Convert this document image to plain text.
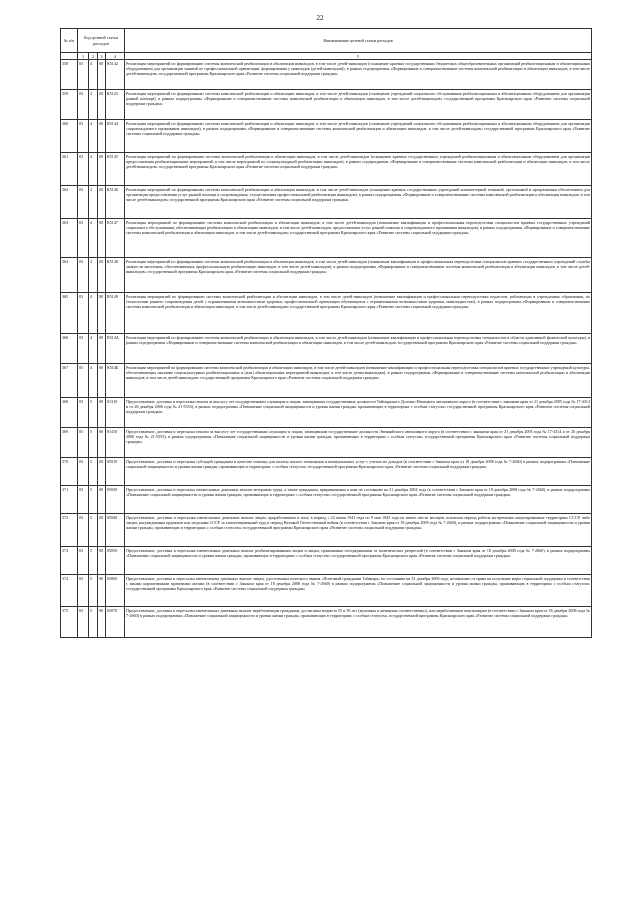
22
№ п/п	Код целевой статьи расходов				Наименование целевой статьи расходов
	1	2	3	4	5
358	03	4	00	R5142	Реализация мероприятий по формированию системы комплексной реабилитации и абилитации инвалидов, в том числе детей-инвалидов (оснащение краевых государственных бюджетных общеобразовательных организаций реабилитационным и абилитационным оборудованием для организации занятий по профессиональной ориентации, формирования у инвалидов (детей-инвалидов)), в рамках подпрограммы «Формирование и совершенствование системы комплексной реабилитации и абилитации инвалидов, в том числе детей-инвалидов» государственной программы Красноярского края «Развитие системы социальной поддержки граждан»
359	03	4	00	R5143	Реализация мероприятий по формированию системы комплексной реабилитации и абилитации инвалидов, в том числе детей-инвалидов (оснащение учреждений социального обслуживания реабилитационным и абилитационным оборудованием для организации ранней помощи), в рамках подпрограммы «Формирование и совершенствование системы комплексной реабилитации и абилитации инвалидов, в том числе детей-инвалидов» государственной программы Красноярского края «Развитие системы социальной поддержки граждан»
360	03	4	00	R5144	Реализация мероприятий по формированию системы комплексной реабилитации и абилитации инвалидов, в том числе детей-инвалидов (оснащение учреждений социального обслуживания реабилитационным и абилитационным оборудованием для организации сопровождаемого проживания инвалидов), в рамках подпрограммы «Формирование и совершенствование системы комплексной реабилитации и абилитации инвалидов, в том числе детей-инвалидов» государственной программы Красноярского края «Развитие системы социальной поддержки граждан»
361	03	4	00	R5145	Реализация мероприятий по формированию системы комплексной реабилитации и абилитации инвалидов, в том числе детей-инвалидов (оснащение краевых государственных учреждений реабилитационным и абилитационным оборудованием для организации предоставления реабилитационных мероприятий, в том числе мероприятий по социокультурной реабилитации инвалидов), в рамках подпрограммы «Формирование и совершенствование системы комплексной реабилитации и абилитации инвалидов, в том числе детей-инвалидов» государственной программы Красноярского края «Развитие системы социальной поддержки граждан»
362	03	4	00	R5146	Реализация мероприятий по формированию системы комплексной реабилитации и абилитации инвалидов, в том числе детей-инвалидов (оснащение краевых государственных учреждений компьютерной техникой, оргтехникой и программным обеспечением для организации предоставления услуг ранней помощи и сопровождения, осуществления профессиональной реабилитации инвалидов), в рамках подпрограммы «Формирование и совершенствование системы комплексной реабилитации и абилитации инвалидов, в том числе детей-инвалидов» государственной программы Красноярского края «Развитие системы социальной поддержки граждан»
363	03	4	00	R5147	Реализация мероприятий по формированию системы комплексной реабилитации и абилитации инвалидов, в том числе детей-инвалидов (повышение квалификации и профессиональная переподготовка специалистов краевых государственных учреждений социального обслуживания, обеспечивающих реабилитацию и абилитацию инвалидов, в том числе детей-инвалидов, предоставление услуг ранней помощи и сопровождаемого проживания инвалидов), в рамках подпрограммы «Формирование и совершенствование системы комплексной реабилитации и абилитации инвалидов, в том числе детей-инвалидов» государственной программы Красноярского края «Развитие системы социальной поддержки граждан»
364	03	4	00	R5148	Реализация мероприятий по формированию системы комплексной реабилитации и абилитации инвалидов, в том числе детей-инвалидов (повышение квалификации и профессиональная переподготовка специалистов краевых государственных учреждений службы занятости населения, обеспечивающих профессиональную реабилитацию инвалидов, в том числе детей-инвалидов), в рамках подпрограммы «Формирование и совершенствование системы комплексной реабилитации и абилитации инвалидов, в том числе детей-инвалидов» государственной программы Красноярского края «Развитие системы социальной поддержки граждан»
365	03	4	00	R5149	Реализация мероприятий по формированию системы комплексной реабилитации и абилитации инвалидов, в том числе детей-инвалидов (повышение квалификации и профессиональная переподготовка педагогов, работающих в учреждениях образования, по технологиям раннего сопровождения детей с ограниченными возможностями здоровья, профессиональной ориентации обучающихся с ограниченными возможностями здоровья, инвалидностью), в рамках подпрограммы «Формирование и совершенствование системы комплексной реабилитации и абилитации инвалидов, в том числе детей-инвалидов» государственной программы Красноярского края «Развитие системы социальной поддержки граждан»
366	03	4	00	R514А	Реализация мероприятий по формированию системы комплексной реабилитации и абилитации инвалидов, в том числе детей-инвалидов (повышение квалификации и профессиональная переподготовка специалистов в области адаптивной физической культуры), в рамках подпрограммы «Формирование и совершенствование системы комплексной реабилитации и абилитации инвалидов, в том числе детей-инвалидов» государственной программы Красноярского края «Развитие системы социальной поддержки граждан»
367	03	4	00	R514Б	Реализация мероприятий по формированию системы комплексной реабилитации и абилитации инвалидов, в том числе детей-инвалидов (повышение квалификации и профессиональная переподготовка специалистов краевых государственных учреждений культуры, обеспечивающих оказание социокультурных реабилитационных и (или) абилитационных мероприятий инвалидам, в том числе детям-инвалидам), в рамках подпрограммы «Формирование и совершенствование системы комплексной реабилитации и абилитации инвалидов, в том числе детей-инвалидов» государственной программы Красноярского края «Развитие системы социальной поддержки граждан»
368	03	5	00	01310	Предоставление, доставка и пересылка пенсии за выслугу лет государственным служащим и лицам, замещавшим государственные должности Таймырского Долгано-Ненецкого автономного округа (в соответствии с законами края от 21 декабря 2005 года № 17-4314 и от 26 декабря 2006 года № 21-5553), в рамках подпрограммы «Повышение социальной защищенности и уровня жизни граждан, проживающих в территориях с особым статусом» государственной программы Красноярского края «Развитие системы социальной поддержки граждан»
369	03	5	00	01410	Предоставление, доставка и пересылка пенсии за выслугу лет государственным служащим и лицам, замещавшим государственные должности Эвенкийского автономного округа (в соответствии с законами края от 21 декабря 2005 года № 17-4314 и от 26 декабря 2006 года № 21-5553), в рамках подпрограммы «Повышение социальной защищенности и уровня жизни граждан, проживающих в территориях с особым статусом» государственной программы Красноярского края «Развитие системы социальной поддержки граждан»
370	03	5	00	05010	Предоставление, доставка и пересылка субсидий гражданам в качестве помощи для оплаты жилого помещения и коммунальных услуг с учетом их доходов (в соответствии с Законом края от 18 декабря 2008 года № 7-2660) в рамках подпрограммы «Повышение социальной защищенности и уровня жизни граждан, проживающих в территориях с особым статусом» государственной программы Красноярского края «Развитие системы социальной поддержки граждан»
371	03	5	00	05030	Предоставление, доставка и пересылка ежемесячных денежных выплат ветеранам труда, а также гражданам, приравненным к ним по состоянию на 31 декабря 2004 года (в соответствии с Законом края от 18 декабря 2008 года № 7-2660), в рамках подпрограммы «Повышение социальной защищенности и уровня жизни граждан, проживающих в территориях с особым статусом» государственной программы Красноярского края «Развитие системы социальной поддержки граждан»
372	03	5	00	05040	Предоставление, доставка и пересылка ежемесячных денежных выплат лицам, проработавшим в тылу в период с 22 июня 1941 года по 9 мая 1945 года не менее шести месяцев, исключая период работы на временно оккупированных территориях СССР, либо лицам, награжденным орденами или медалями СССР за самоотверженный труд в период Великой Отечественной войны (в соответствии с Законом края от 18 декабря 2008 года № 7-2660), в рамках подпрограммы «Повышение социальной защищенности и уровня жизни граждан, проживающих в территориях с особым статусом» государственной программы Красноярского края «Развитие системы социальной поддержки граждан»
373	03	5	00	05050	Предоставление, доставка и пересылка ежемесячных денежных выплат реабилитированным лицам и лицам, признанным пострадавшими от политических репрессий (в соответствии с Законом края от 18 декабря 2008 года № 7-2660), в рамках подпрограммы «Повышение социальной защищенности и уровня жизни граждан, проживающих в территориях с особым статусом» государственной программы Красноярского края «Развитие системы социальной поддержки граждан»
374	03	5	00	05060	Предоставление, доставка и пересылка ежемесячных денежных выплат лицам, удостоенным почетного звания «Почетный гражданин Таймыра» по состоянию на 31 декабря 2006 года, независимо от права на получение меры социальной поддержки в соответствии с иными нормативными правовыми актами (в соответствии с Законом края от 18 декабря 2008 года № 7-2660) в рамках подпрограммы «Повышение социальной защищенности и уровня жизни граждан, проживающих в территориях с особым статусом» государственной программы Красноярского края «Развитие системы социальной поддержки граждан»
375	03	5	00	05070	Предоставление, доставка и пересылка ежемесячных денежных выплат неработающим гражданам, достигшим возраста 55 и 50 лет (мужчины и женщины соответственно), или неработающим пенсионерам (в соответствии с Законом края от 18 декабря 2008 года № 7-2660) в рамках подпрограммы «Повышение социальной защищенности и уровня жизни граждан, проживающих в территориях с особым статусом» государственной программы Красноярского края «Развитие системы социальной поддержки граждан»
